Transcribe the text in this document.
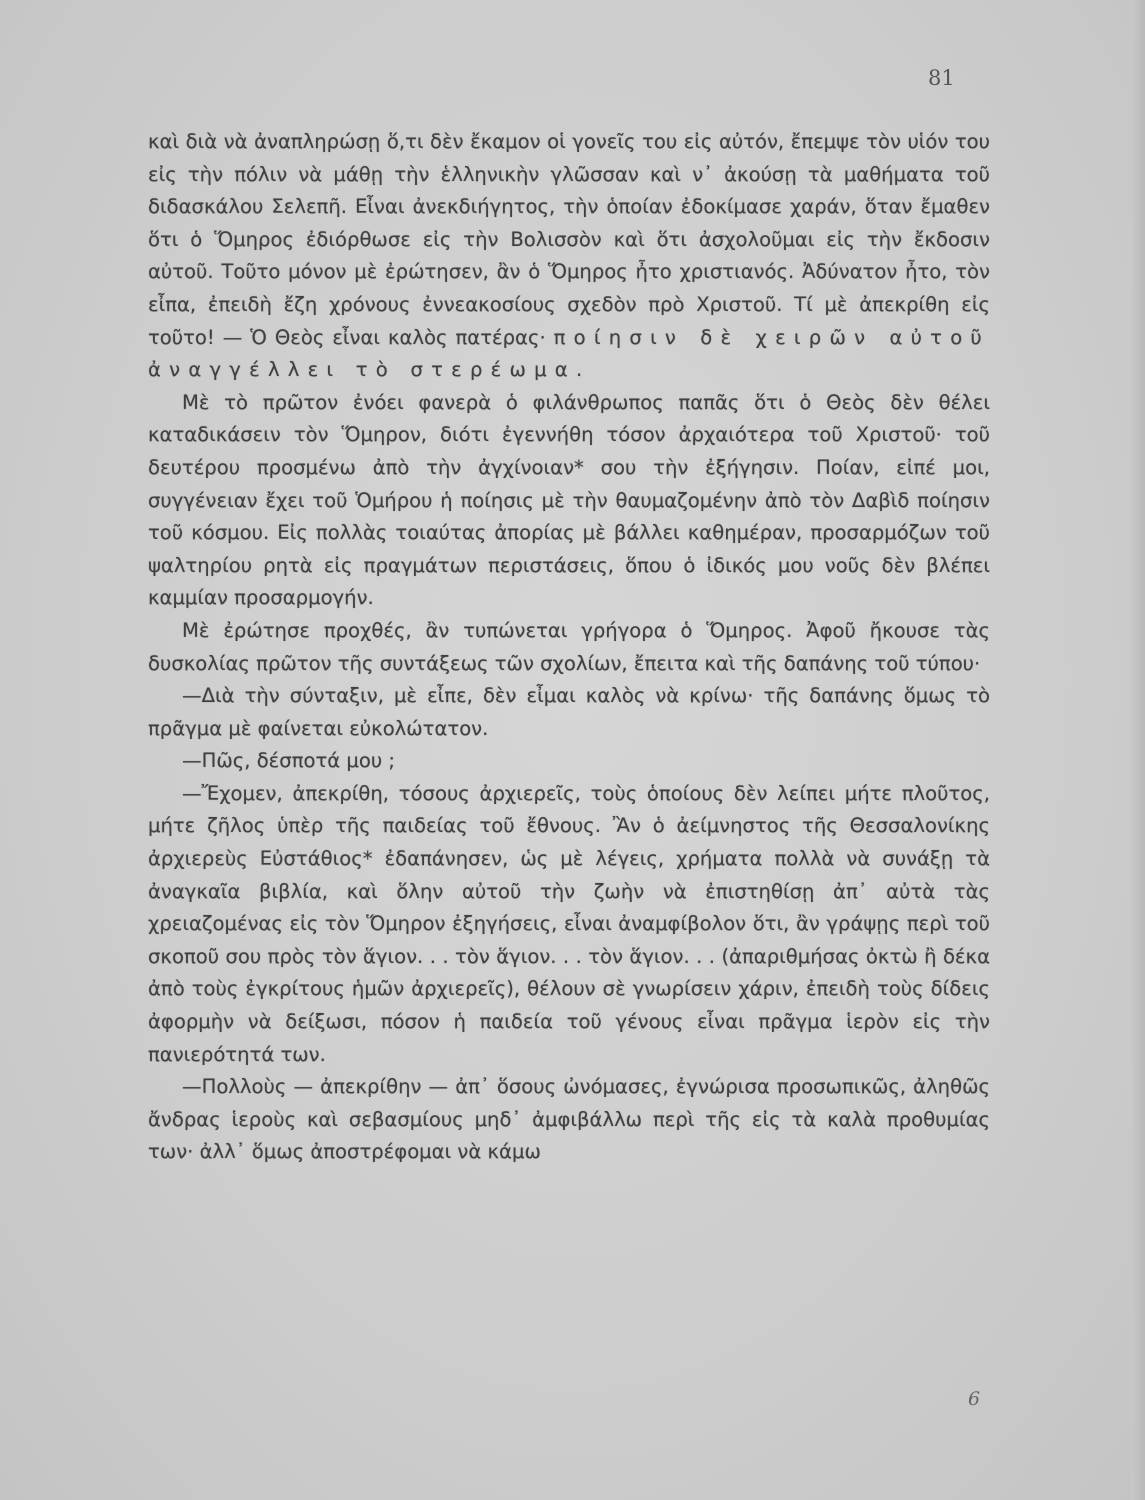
81

καὶ διὰ νὰ ἀναπληρώσῃ ὅ,τι δὲν ἔκαμον οἱ γονεῖς του εἰς αὐτόν, ἔπεμψε τὸν υἱόν του εἰς τὴν πόλιν νὰ μάθῃ τὴν ἑλληνικὴν γλῶσσαν καὶ ν᾽ ἀκούσῃ τὰ μαθήματα τοῦ διδασκάλου Σελεπῆ. Εἶναι ἀνεκδιήγητος, τὴν ὁποίαν ἐδοκίμασε χαράν, ὅταν ἔμαθεν ὅτι ὁ Ὅμηρος ἐδιόρθωσε εἰς τὴν Βολισσὸν καὶ ὅτι ἀσχολοῦμαι εἰς τὴν ἔκδοσιν αὐτοῦ. Τοῦτο μόνον μὲ ἐρώτησεν, ἂν ὁ Ὅμηρος ἦτο χριστιανός. Ἀδύνατον ἦτο, τὸν εἶπα, ἐπειδὴ ἔζη χρόνους ἐννεακοσίους σχεδὸν πρὸ Χριστοῦ. Τί μὲ ἀπεκρίθη εἰς τοῦτο! — Ὁ Θεὸς εἶναι καλὸς πατέρας· ποίησιν δὲ χειρῶν αὐτοῦ ἀναγγέλλει τὸ στερέωμα.

Μὲ τὸ πρῶτον ἐνόει φανερὰ ὁ φιλάνθρωπος παπᾶς ὅτι ὁ Θεὸς δὲν θέλει καταδικάσειν τὸν Ὅμηρον, διότι ἐγεννήθη τόσον ἀρχαιότερα τοῦ Χριστοῦ· τοῦ δευτέρου προσμένω ἀπὸ τὴν ἀγχίνοιαν* σου τὴν ἐξήγησιν. Ποίαν, εἰπέ μοι, συγγένειαν ἔχει τοῦ Ὁμήρου ἡ ποίησις μὲ τὴν θαυμαζομένην ἀπὸ τὸν Δαβὶδ ποίησιν τοῦ κόσμου. Εἰς πολλὰς τοιαύτας ἀπορίας μὲ βάλλει καθημέραν, προσαρμόζων τοῦ ψαλτηρίου ρητὰ εἰς πραγμάτων περιστάσεις, ὅπου ὁ ἰδικός μου νοῦς δὲν βλέπει καμμίαν προσαρμογήν.

Μὲ ἐρώτησε προχθές, ἂν τυπώνεται γρήγορα ὁ Ὅμηρος. Ἀφοῦ ἤκουσε τὰς δυσκολίας πρῶτον τῆς συντάξεως τῶν σχολίων, ἔπειτα καὶ τῆς δαπάνης τοῦ τύπου·

—Διὰ τὴν σύνταξιν, μὲ εἶπε, δὲν εἶμαι καλὸς νὰ κρίνω· τῆς δαπάνης ὅμως τὸ πρᾶγμα μὲ φαίνεται εὐκολώτατον.

—Πῶς, δέσποτά μου ;

—Ἔχομεν, ἀπεκρίθη, τόσους ἀρχιερεῖς, τοὺς ὁποίους δὲν λείπει μήτε πλοῦτος, μήτε ζῆλος ὑπὲρ τῆς παιδείας τοῦ ἔθνους. Ἂν ὁ ἀείμνηστος τῆς Θεσσαλονίκης ἀρχιερεὺς Εὐστάθιος* ἐδαπάνησεν, ὡς μὲ λέγεις, χρήματα πολλὰ νὰ συνάξῃ τὰ ἀναγκαῖα βιβλία, καὶ ὅλην αὐτοῦ τὴν ζωὴν νὰ ἐπιστηθίσῃ ἀπ᾽ αὐτὰ τὰς χρειαζομένας εἰς τὸν Ὅμηρον ἐξηγήσεις, εἶναι ἀναμφίβολον ὅτι, ἂν γράψῃς περὶ τοῦ σκοποῦ σου πρὸς τὸν ἅγιον. . . τὸν ἅγιον. . . τὸν ἅγιον. . . (ἀπαριθμήσας ὀκτὼ ἢ δέκα ἀπὸ τοὺς ἐγκρίτους ἡμῶν ἀρχιερεῖς), θέλουν σὲ γνωρίσειν χάριν, ἐπειδὴ τοὺς δίδεις ἀφορμὴν νὰ δείξωσι, πόσον ἡ παιδεία τοῦ γένους εἶναι πρᾶγμα ἱερὸν εἰς τὴν πανιερότητά των.

—Πολλοὺς — ἀπεκρίθην — ἀπ᾽ ὅσους ὠνόμασες, ἐγνώρισα προσωπικῶς, ἀληθῶς ἄνδρας ἱεροὺς καὶ σεβασμίους μηδ᾽ ἀμφιβάλλω περὶ τῆς εἰς τὰ καλὰ προθυμίας των· ἀλλ᾽ ὅμως ἀποστρέφομαι νὰ κάμω

6
